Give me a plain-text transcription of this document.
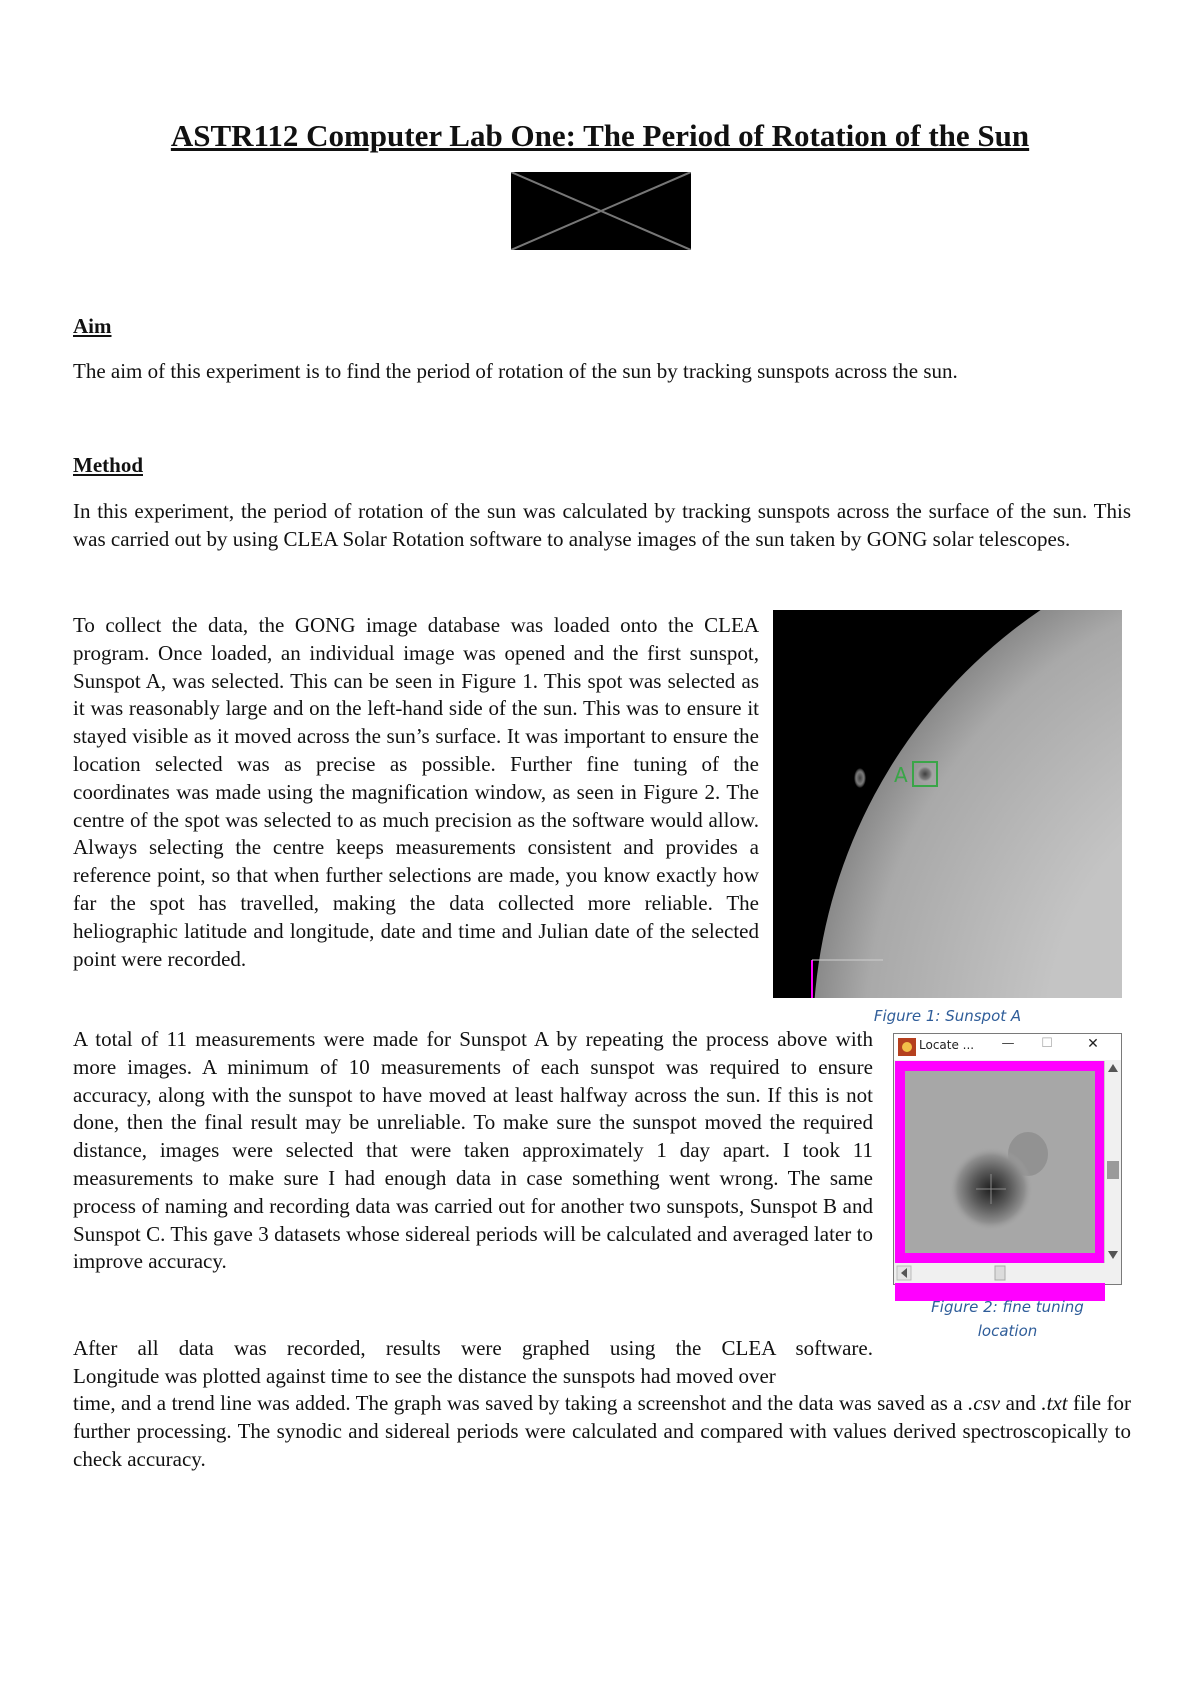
ASTR112 Computer Lab One: The Period of Rotation of the Sun
Aim

The aim of this experiment is to find the period of rotation of the sun by tracking sunspots across the sun.

Method

In this experiment, the period of rotation of the sun was calculated by tracking sunspots across the surface of the sun. This was carried out by using CLEA Solar Rotation software to analyse images of the sun taken by GONG solar telescopes.

To collect the data, the GONG image database was loaded onto the CLEA program. Once loaded, an individual image was opened and the first sunspot, Sunspot A, was selected. This can be seen in Figure 1. This spot was selected as it was reasonably large and on the left-hand side of the sun. This was to ensure it stayed visible as it moved across the sun’s surface. It was important to ensure the location selected was as precise as possible. Further fine tuning of the coordinates was made using the magnification window, as seen in Figure 2. The centre of the spot was selected to as much precision as the software would allow. Always selecting the centre keeps measurements consistent and provides a reference point, so that when further selections are made, you know exactly how far the spot has travelled, making the data collected more reliable. The heliographic latitude and longitude, date and time and Julian date of the selected point were recorded.

A
Figure 1: Sunspot A

A total of 11 measurements were made for Sunspot A by repeating the process above with more images. A minimum of 10 measurements of each sunspot was required to ensure accuracy, along with the sunspot to have moved at least halfway across the sun. If this is not done, then the final result may be unreliable. To make sure the sunspot moved the required distance, images were selected that were taken approximately 1 day apart. I took 11 measurements to make sure I had enough data in case something went wrong. The same process of naming and recording data was carried out for another two sunspots, Sunspot B and Sunspot C. This gave 3 datasets whose sidereal periods will be calculated and averaged later to improve accuracy.

Locate ...	—	☐	✕
Figure 2: fine tuning
location
After all data was recorded, results were graphed using the CLEA software.
Longitude was plotted against time to see the distance the sunspots had moved over

time, and a trend line was added. The graph was saved by taking a screenshot and the data was saved as a .csv and .txt file for further processing. The synodic and sidereal periods were calculated and compared with values derived spectroscopically to check accuracy.
